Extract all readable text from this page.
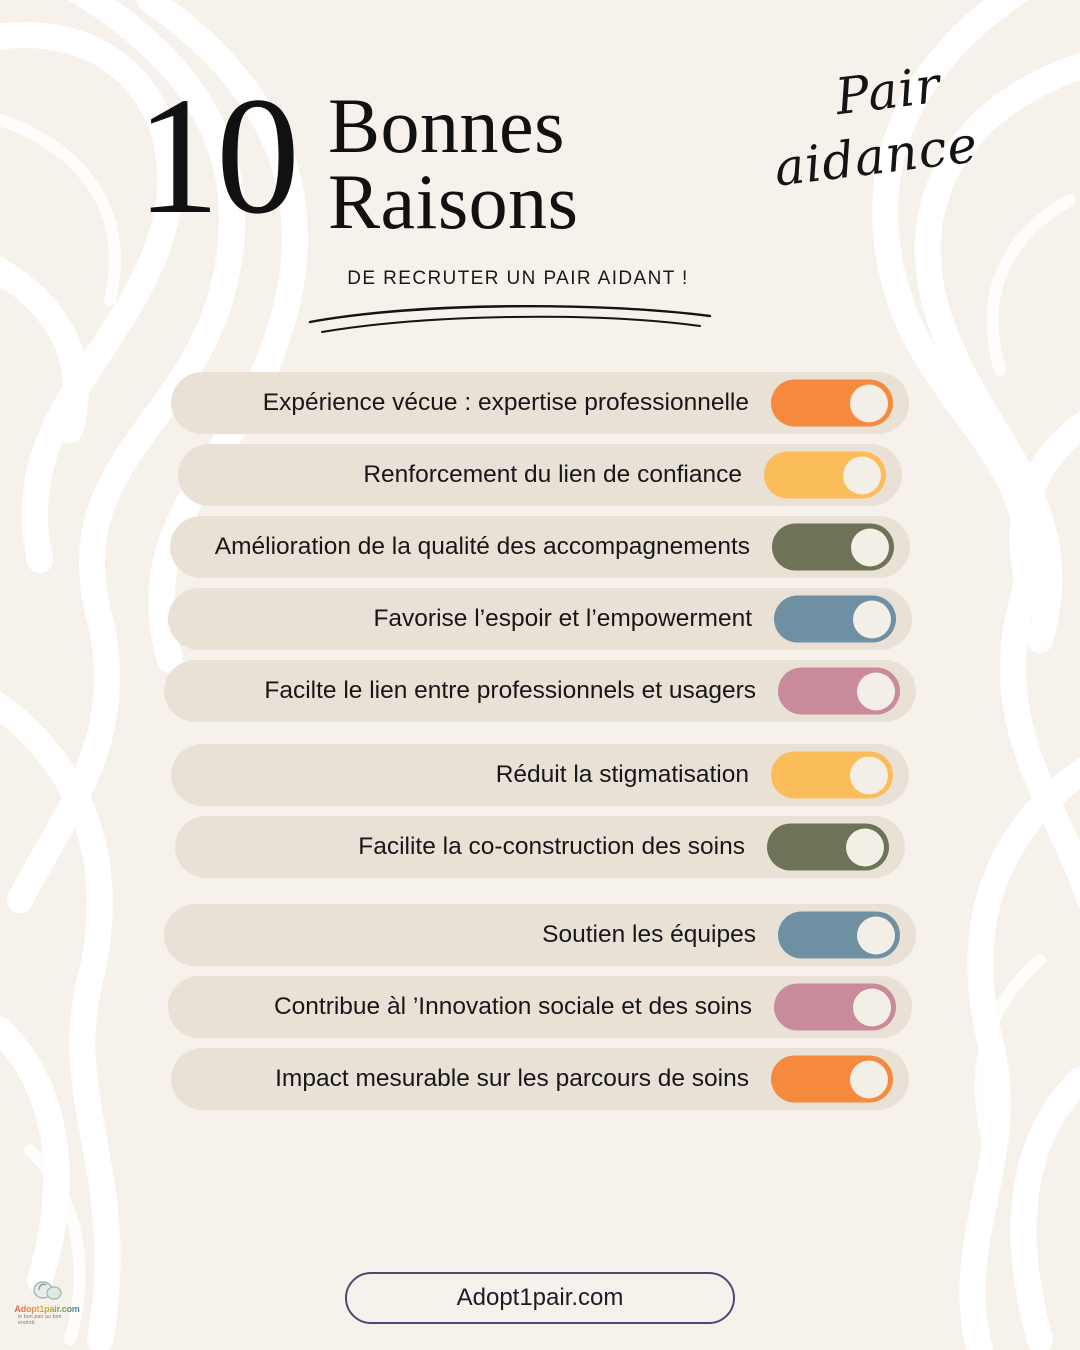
10 Bonnes
Raisons
DE RECRUTER UN PAIR AIDANT !
Pair
aidance
Expérience vécue : expertise professionnelle
Renforcement du lien de confiance
Amélioration de la qualité des accompagnements
Favorise l’espoir et l’empowerment
Facilte le lien entre professionnels et usagers
Réduit la stigmatisation
Facilite la co-construction des soins
Soutien les équipes
Contribue àl ’Innovation sociale et des soins
Impact mesurable sur les parcours de soins
Adopt1pair.com
le bon pair au bon endroit
Adopt1pair.com
